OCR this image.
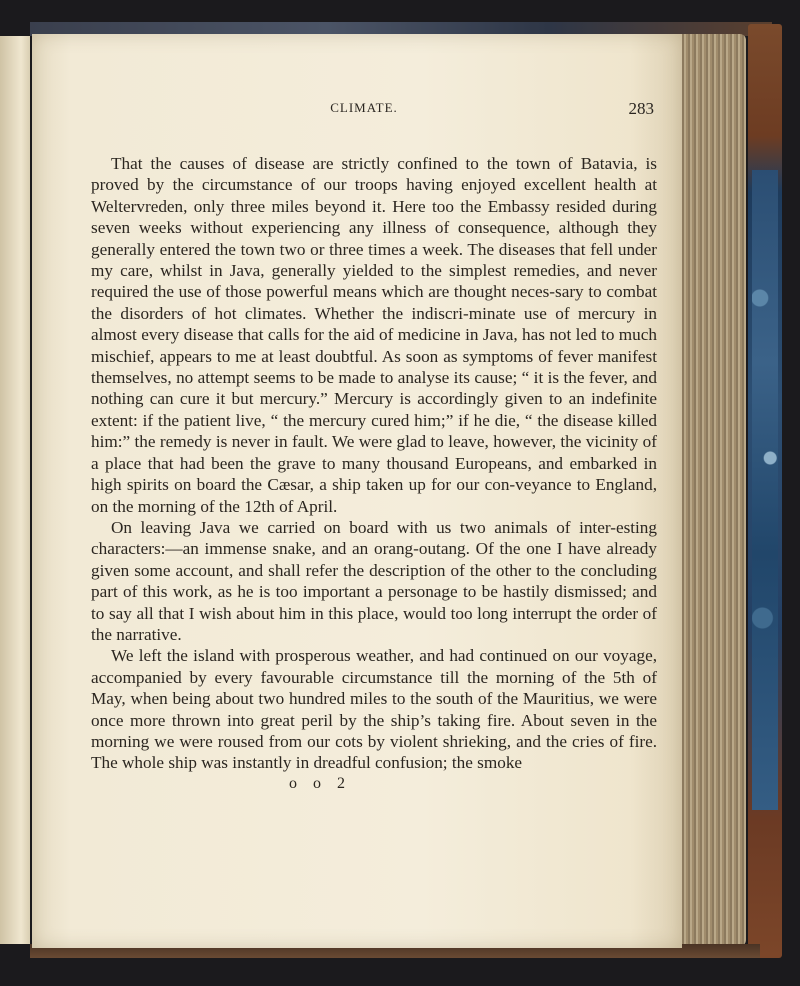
CLIMATE.	283

That the causes of disease are strictly confined to the town of Batavia, is proved by the circumstance of our troops having enjoyed excellent health at Weltervreden, only three miles beyond it. Here too the Embassy resided during seven weeks without experiencing any illness of consequence, although they generally entered the town two or three times a week. The diseases that fell under my care, whilst in Java, generally yielded to the simplest remedies, and never required the use of those powerful means which are thought neces-sary to combat the disorders of hot climates. Whether the indiscri-minate use of mercury in almost every disease that calls for the aid of medicine in Java, has not led to much mischief, appears to me at least doubtful. As soon as symptoms of fever manifest themselves, no attempt seems to be made to analyse its cause; “ it is the fever, and nothing can cure it but mercury.” Mercury is accordingly given to an indefinite extent: if the patient live, “ the mercury cured him;” if he die, “ the disease killed him:” the remedy is never in fault. We were glad to leave, however, the vicinity of a place that had been the grave to many thousand Europeans, and embarked in high spirits on board the Cæsar, a ship taken up for our con-veyance to England, on the morning of the 12th of April.

On leaving Java we carried on board with us two animals of inter-esting characters:—an immense snake, and an orang-outang. Of the one I have already given some account, and shall refer the description of the other to the concluding part of this work, as he is too important a personage to be hastily dismissed; and to say all that I wish about him in this place, would too long interrupt the order of the narrative.

We left the island with prosperous weather, and had continued on our voyage, accompanied by every favourable circumstance till the morning of the 5th of May, when being about two hundred miles to the south of the Mauritius, we were once more thrown into great peril by the ship’s taking fire. About seven in the morning we were roused from our cots by violent shrieking, and the cries of fire. The whole ship was instantly in dreadful confusion; the smoke

o o 2
